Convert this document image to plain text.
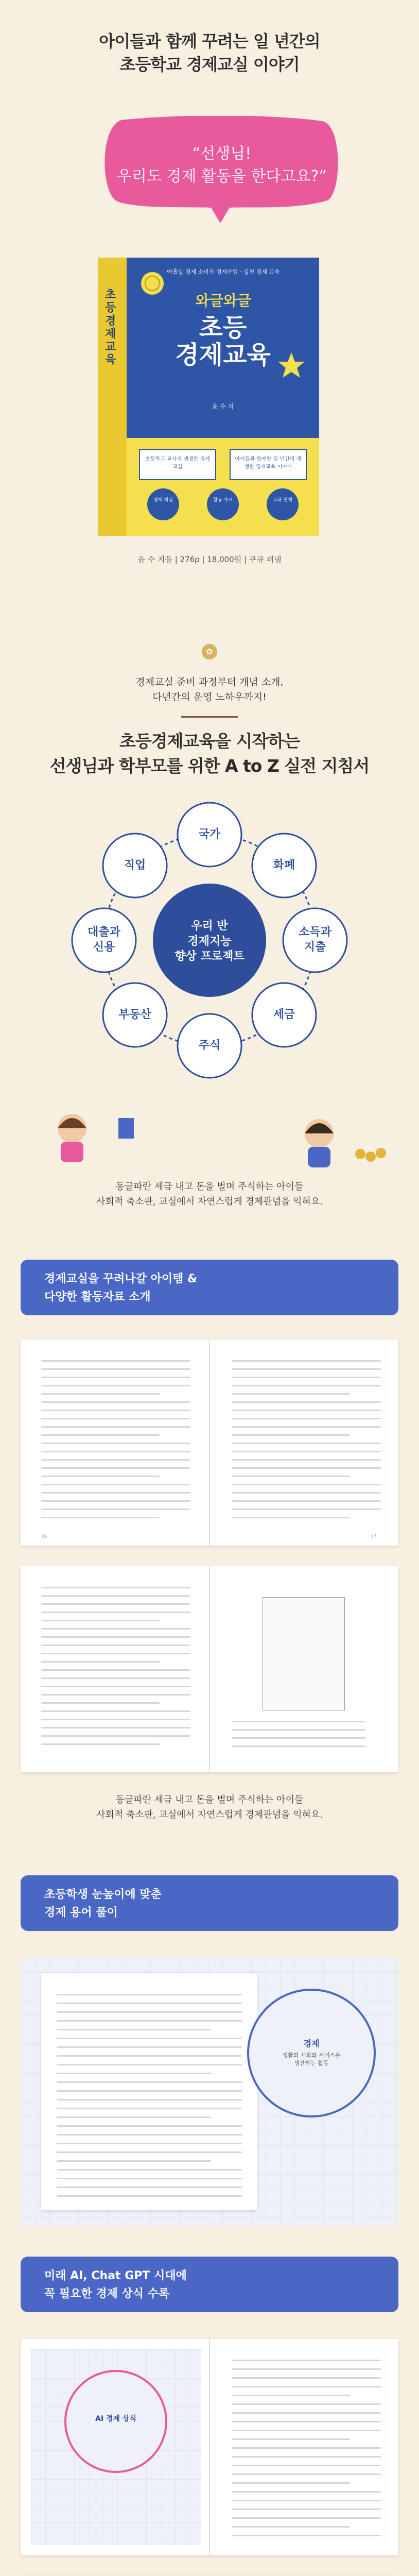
아이들과 함께 꾸려는 일 년간의
초등학교 경제교실 이야기
“선생님!
우리도 경제 활동을 한다고요?”
초등경제교육
아홉살 경제 소비자 경제수업 · 실천 경제 교육
와글와글
초등
경제교육
윤 수 지
초등학교 교사의 생생한 경제교실
아이들과 함께한 일 년간의 생생한 경제교육 이야기
경제 개념	활동 자료	교과 연계
윤 수 지음 | 276p | 18,000원 | 쿠큐 펴냄
✿
경제교실 준비 과정부터 개념 소개,
다년간의 운영 노하우까지!
초등경제교육을 시작하는
선생님과 학부모를 위한 A to Z 실전 지침서
우리 반
경제지능
향상 프로젝트
국가
화폐
소득과
지출
세금
주식
부동산
대출과
신용
직업
동글파란 세금 내고 돈을 벌며 주식하는 아이들
사회적 축소판, 교실에서 자연스럽게 경제관념을 익혀요.
경제교실을 꾸려나갈 아이템 &
다양한 활동자료 소개
36	37
동글파란 세금 내고 돈을 벌며 주식하는 아이들
사회적 축소판, 교실에서 자연스럽게 경제관념을 익혀요.
초등학생 눈높이에 맞춘
경제 용어 풀이
경제
생활의 재화와 서비스를
생산하는 활동
미래 AI, Chat GPT 시대에
꼭 필요한 경제 상식 수록
AI 경제 상식
